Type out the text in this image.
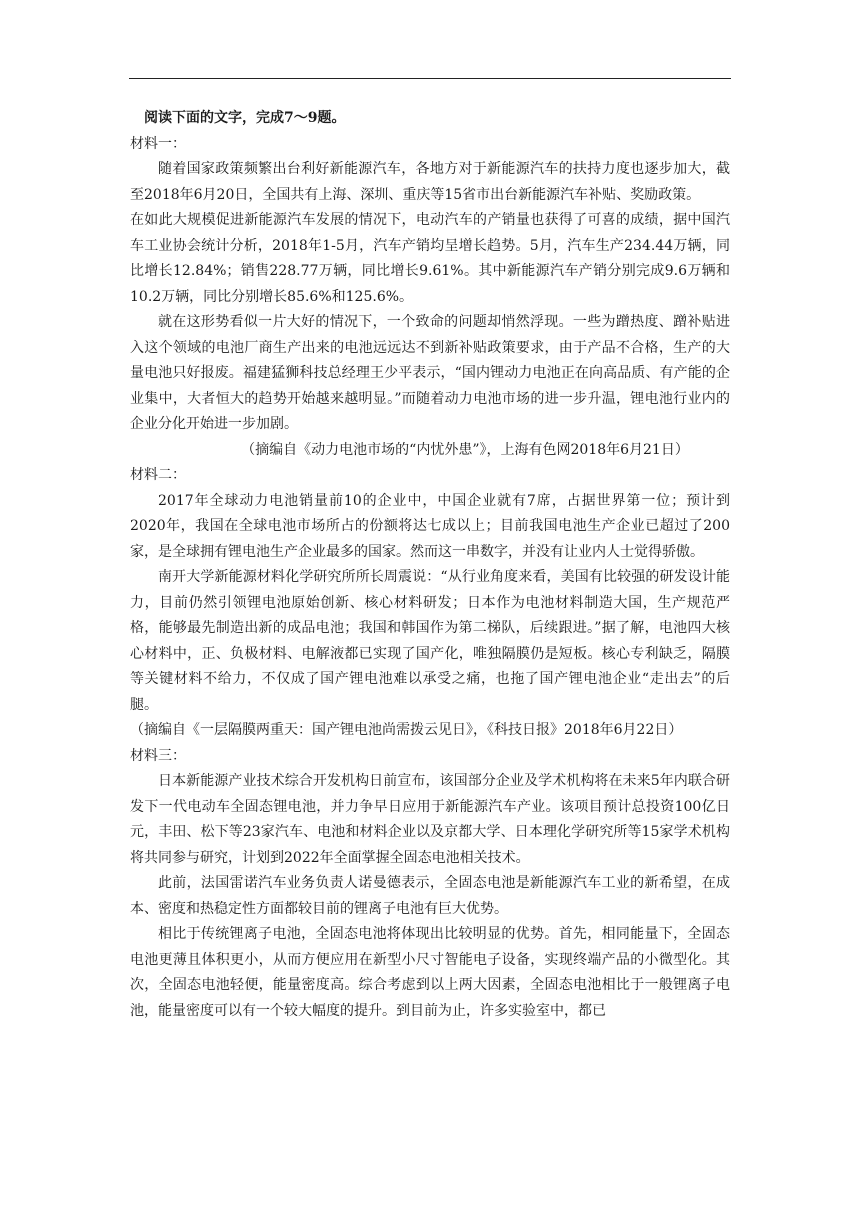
阅读下面的文字，完成7～9题。

材料一：

随着国家政策频繁出台利好新能源汽车，各地方对于新能源汽车的扶持力度也逐步加大，截至2018年6月20日，全国共有上海、深圳、重庆等15省市出台新能源汽车补贴、奖励政策。

在如此大规模促进新能源汽车发展的情况下，电动汽车的产销量也获得了可喜的成绩，据中国汽车工业协会统计分析，2018年1-5月，汽车产销均呈增长趋势。5月，汽车生产234.44万辆，同比增长12.84%；销售228.77万辆，同比增长9.61%。其中新能源汽车产销分别完成9.6万辆和10.2万辆，同比分别增长85.6%和125.6%。

就在这形势看似一片大好的情况下，一个致命的问题却悄然浮现。一些为蹭热度、蹭补贴进入这个领域的电池厂商生产出来的电池远远达不到新补贴政策要求，由于产品不合格，生产的大量电池只好报废。福建猛狮科技总经理王少平表示，“国内锂动力电池正在向高品质、有产能的企业集中，大者恒大的趋势开始越来越明显。”而随着动力电池市场的进一步升温，锂电池行业内的企业分化开始进一步加剧。

（摘编自《动力电池市场的“内忧外患”》，上海有色网2018年6月21日）

材料二：

2017年全球动力电池销量前10的企业中，中国企业就有7席，占据世界第一位；预计到2020年，我国在全球电池市场所占的份额将达七成以上；目前我国电池生产企业已超过了200家，是全球拥有锂电池生产企业最多的国家。然而这一串数字，并没有让业内人士觉得骄傲。

南开大学新能源材料化学研究所所长周震说：“从行业角度来看，美国有比较强的研发设计能力，目前仍然引领锂电池原始创新、核心材料研发；日本作为电池材料制造大国，生产规范严格，能够最先制造出新的成品电池；我国和韩国作为第二梯队，后续跟进。”据了解，电池四大核心材料中，正、负极材料、电解液都已实现了国产化，唯独隔膜仍是短板。核心专利缺乏，隔膜等关键材料不给力，不仅成了国产锂电池难以承受之痛，也拖了国产锂电池企业“走出去”的后腿。

（摘编自《一层隔膜两重天：国产锂电池尚需拨云见日》，《科技日报》2018年6月22日）

材料三：

日本新能源产业技术综合开发机构日前宣布，该国部分企业及学术机构将在未来5年内联合研发下一代电动车全固态锂电池，并力争早日应用于新能源汽车产业。该项目预计总投资100亿日元，丰田、松下等23家汽车、电池和材料企业以及京都大学、日本理化学研究所等15家学术机构将共同参与研究，计划到2022年全面掌握全固态电池相关技术。

此前，法国雷诺汽车业务负责人诺曼德表示，全固态电池是新能源汽车工业的新希望，在成本、密度和热稳定性方面都较目前的锂离子电池有巨大优势。

相比于传统锂离子电池，全固态电池将体现出比较明显的优势。首先，相同能量下，全固态电池更薄且体积更小，从而方便应用在新型小尺寸智能电子设备，实现终端产品的小微型化。其次，全固态电池轻便，能量密度高。综合考虑到以上两大因素，全固态电池相比于一般锂离子电池，能量密度可以有一个较大幅度的提升。到目前为止，许多实验室中，都已
